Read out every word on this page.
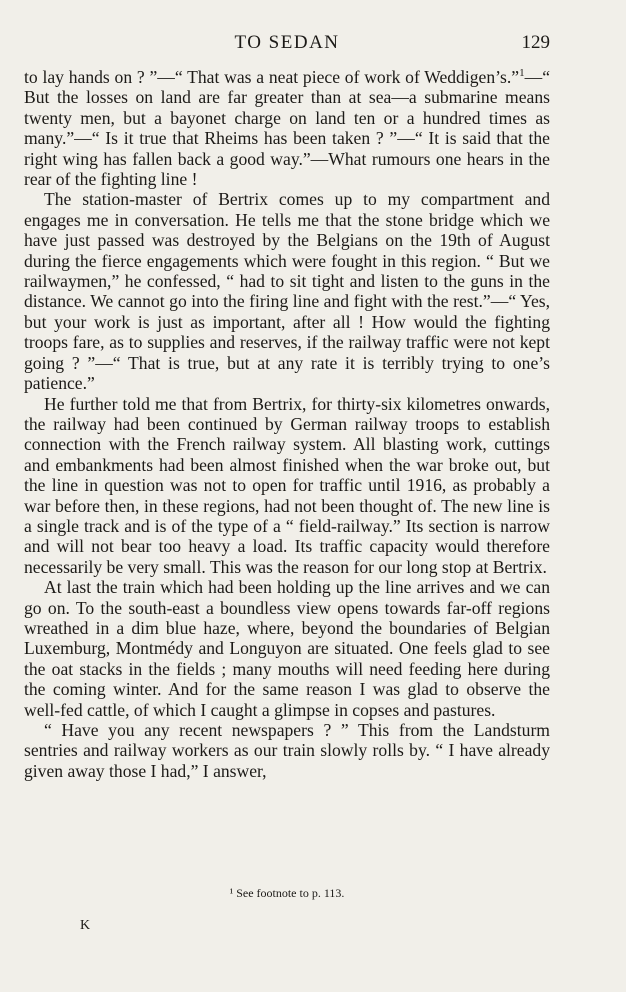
TO SEDAN	129

to lay hands on ? ”—“ That was a neat piece of work of Weddigen’s.”$^1$—“ But the losses on land are far greater than at sea—a submarine means twenty men, but a bayonet charge on land ten or a hundred times as many.”—“ Is it true that Rheims has been taken ? ”—“ It is said that the right wing has fallen back a good way.”—What rumours one hears in the rear of the fighting line !

The station-master of Bertrix comes up to my compartment and engages me in conversation. He tells me that the stone bridge which we have just passed was destroyed by the Belgians on the 19th of August during the fierce engagements which were fought in this region. “ But we railwaymen,” he confessed, “ had to sit tight and listen to the guns in the distance. We cannot go into the firing line and fight with the rest.”—“ Yes, but your work is just as important, after all ! How would the fighting troops fare, as to supplies and reserves, if the railway traffic were not kept going ? ”—“ That is true, but at any rate it is terribly trying to one’s patience.”

He further told me that from Bertrix, for thirty-six kilometres onwards, the railway had been continued by German railway troops to establish connection with the French railway system. All blasting work, cuttings and embankments had been almost finished when the war broke out, but the line in question was not to open for traffic until 1916, as probably a war before then, in these regions, had not been thought of. The new line is a single track and is of the type of a “ field-railway.” Its section is narrow and will not bear too heavy a load. Its traffic capacity would therefore necessarily be very small. This was the reason for our long stop at Bertrix.

At last the train which had been holding up the line arrives and we can go on. To the south-east a boundless view opens towards far-off regions wreathed in a dim blue haze, where, beyond the boundaries of Belgian Luxemburg, Montmédy and Longuyon are situated. One feels glad to see the oat stacks in the fields ; many mouths will need feeding here during the coming winter. And for the same reason I was glad to observe the well-fed cattle, of which I caught a glimpse in copses and pastures.

“ Have you any recent newspapers ? ” This from the Landsturm sentries and railway workers as our train slowly rolls by. “ I have already given away those I had,” I answer,

¹ See footnote to p. 113.
K
